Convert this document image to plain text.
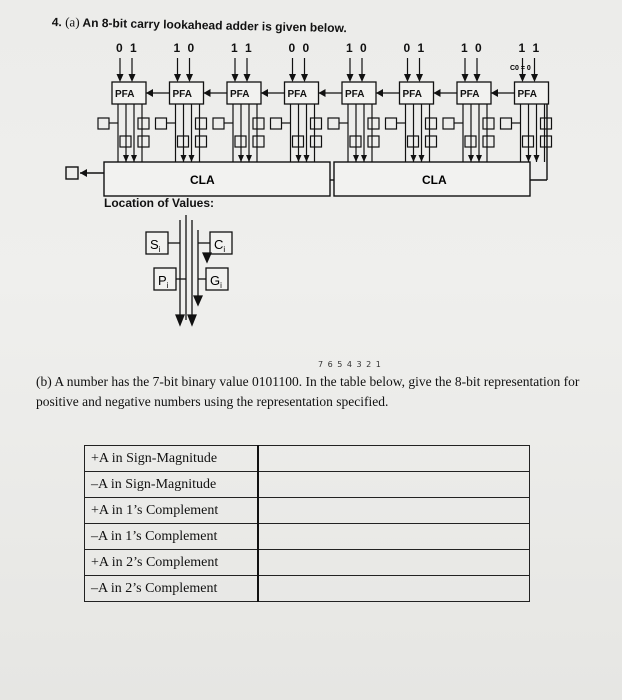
4. (a) An 8-bit carry lookahead adder is given below.
CLA	CLA
C0 = 0
$S_i$	$C_i$
$P_i$	$G_i$
0 1
PFA
1 0
PFA
1 1
PFA
0 0
PFA
1 0
PFA
0 1
PFA
1 0
PFA
1 1
PFA
Location of Values:
7 6 5 4 3 2 1
(b) A number has the 7-bit binary value 0101100. In the table below, give the 8-bit representation for positive and negative numbers using the representation specified.
+A in Sign-Magnitude	
–A in Sign-Magnitude	
+A in 1’s Complement	
–A in 1’s Complement	
+A in 2’s Complement	
–A in 2’s Complement	
